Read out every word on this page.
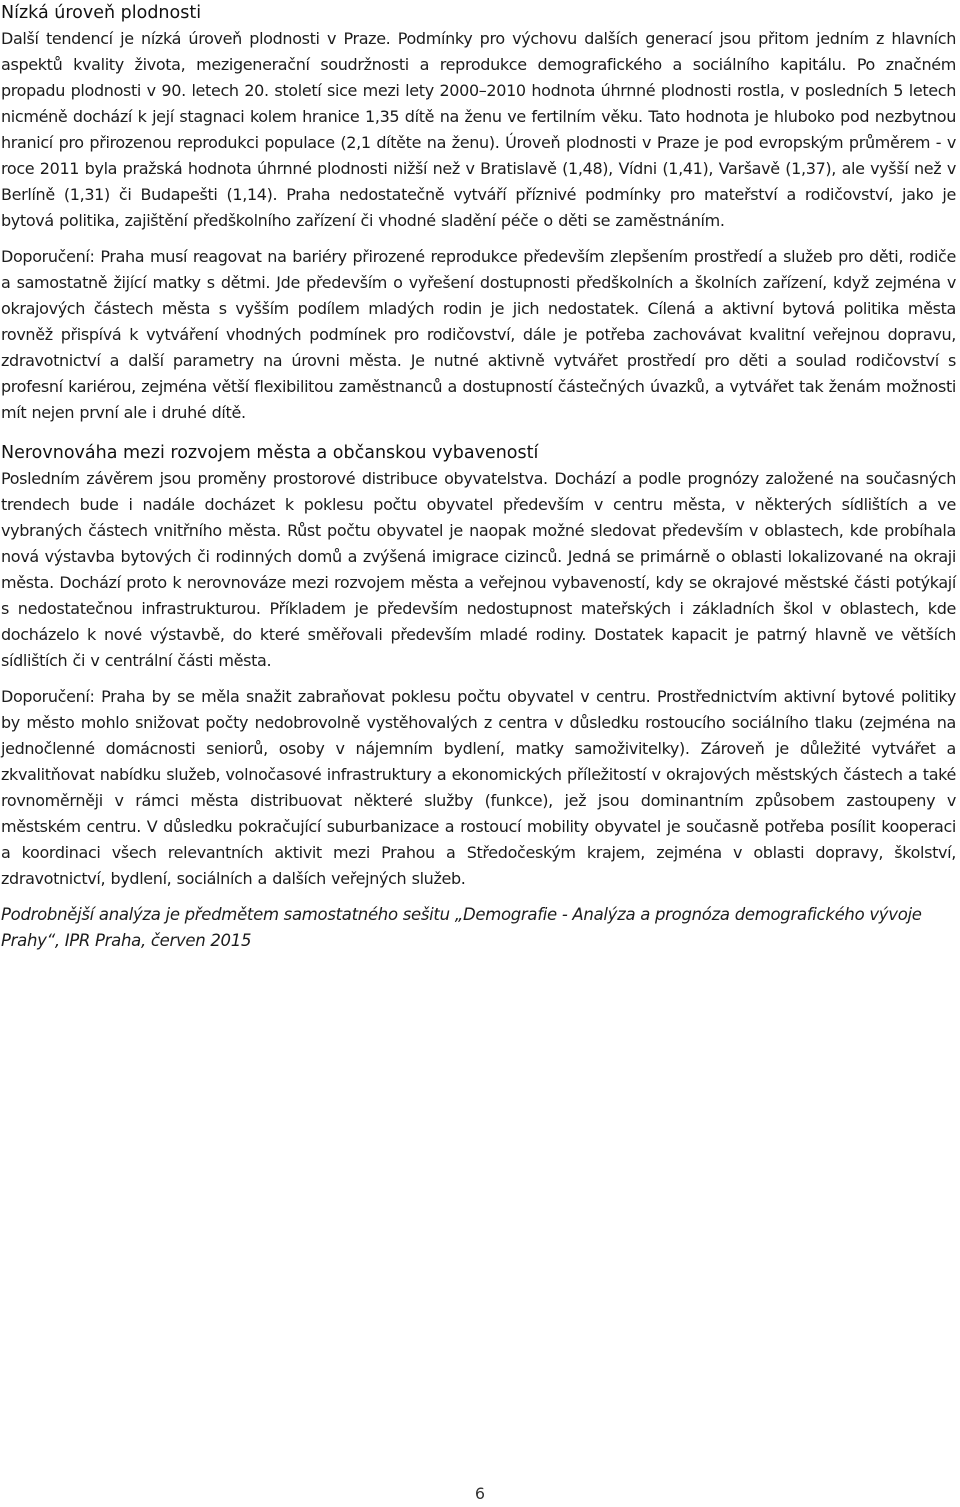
Nízká úroveň plodnosti

Další tendencí je nízká úroveň plodnosti v Praze. Podmínky pro výchovu dalších generací jsou přitom jedním z hlavních aspektů kvality života, mezigenerační soudržnosti a reprodukce demografického a sociálního kapitálu. Po značném propadu plodnosti v 90. letech 20. století sice mezi lety 2000–2010 hodnota úhrnné plodnosti rostla, v posledních 5 letech nicméně dochází k její stagnaci kolem hranice 1,35 dítě na ženu ve fertilním věku. Tato hodnota je hluboko pod nezbytnou hranicí pro přirozenou reprodukci populace (2,1 dítěte na ženu). Úroveň plodnosti v Praze je pod evropským průměrem - v roce 2011 byla pražská hodnota úhrnné plodnosti nižší než v Bratislavě (1,48), Vídni (1,41), Varšavě (1,37), ale vyšší než v Berlíně (1,31) či Budapešti (1,14). Praha nedostatečně vytváří příznivé podmínky pro mateřství a rodičovství, jako je bytová politika, zajištění předškolního zařízení či vhodné sladění péče o děti se zaměstnáním.

Doporučení: Praha musí reagovat na bariéry přirozené reprodukce především zlepšením prostředí a služeb pro děti, rodiče a samostatně žijící matky s dětmi. Jde především o vyřešení dostupnosti předškolních a školních zařízení, když zejména v okrajových částech města s vyšším podílem mladých rodin je jich nedostatek. Cílená a aktivní bytová politika města rovněž přispívá k vytváření vhodných podmínek pro rodičovství, dále je potřeba zachovávat kvalitní veřejnou dopravu, zdravotnictví a další parametry na úrovni města. Je nutné aktivně vytvářet prostředí pro děti a soulad rodičovství s profesní kariérou, zejména větší flexibilitou zaměstnanců a dostupností částečných úvazků, a vytvářet tak ženám možnosti mít nejen první ale i druhé dítě.

Nerovnováha mezi rozvojem města a občanskou vybaveností

Posledním závěrem jsou proměny prostorové distribuce obyvatelstva. Dochází a podle prognózy založené na současných trendech bude i nadále docházet k poklesu počtu obyvatel především v centru města, v některých sídlištích a ve vybraných částech vnitřního města. Růst počtu obyvatel je naopak možné sledovat především v oblastech, kde probíhala nová výstavba bytových či rodinných domů a zvýšená imigrace cizinců. Jedná se primárně o oblasti lokalizované na okraji města. Dochází proto k nerovnováze mezi rozvojem města a veřejnou vybaveností, kdy se okrajové městské části potýkají s nedostatečnou infrastrukturou. Příkladem je především nedostupnost mateřských i základních škol v oblastech, kde docházelo k nové výstavbě, do které směřovali především mladé rodiny. Dostatek kapacit je patrný hlavně ve větších sídlištích či v centrální části města.

Doporučení: Praha by se měla snažit zabraňovat poklesu počtu obyvatel v centru. Prostřednictvím aktivní bytové politiky by město mohlo snižovat počty nedobrovolně vystěhovalých z centra v důsledku rostoucího sociálního tlaku (zejména na jednočlenné domácnosti seniorů, osoby v nájemním bydlení, matky samoživitelky). Zároveň je důležité vytvářet a zkvalitňovat nabídku služeb, volnočasové infrastruktury a ekonomických příležitostí v okrajových městských částech a také rovnoměrněji v rámci města distribuovat některé služby (funkce), jež jsou dominantním způsobem zastoupeny v městském centru. V důsledku pokračující suburbanizace a rostoucí mobility obyvatel je současně potřeba posílit kooperaci a koordinaci všech relevantních aktivit mezi Prahou a Středočeským krajem, zejména v oblasti dopravy, školství, zdravotnictví, bydlení, sociálních a dalších veřejných služeb.

Podrobnější analýza je předmětem samostatného sešitu „Demografie - Analýza a prognóza demografického vývoje Prahy“, IPR Praha, červen 2015

6
